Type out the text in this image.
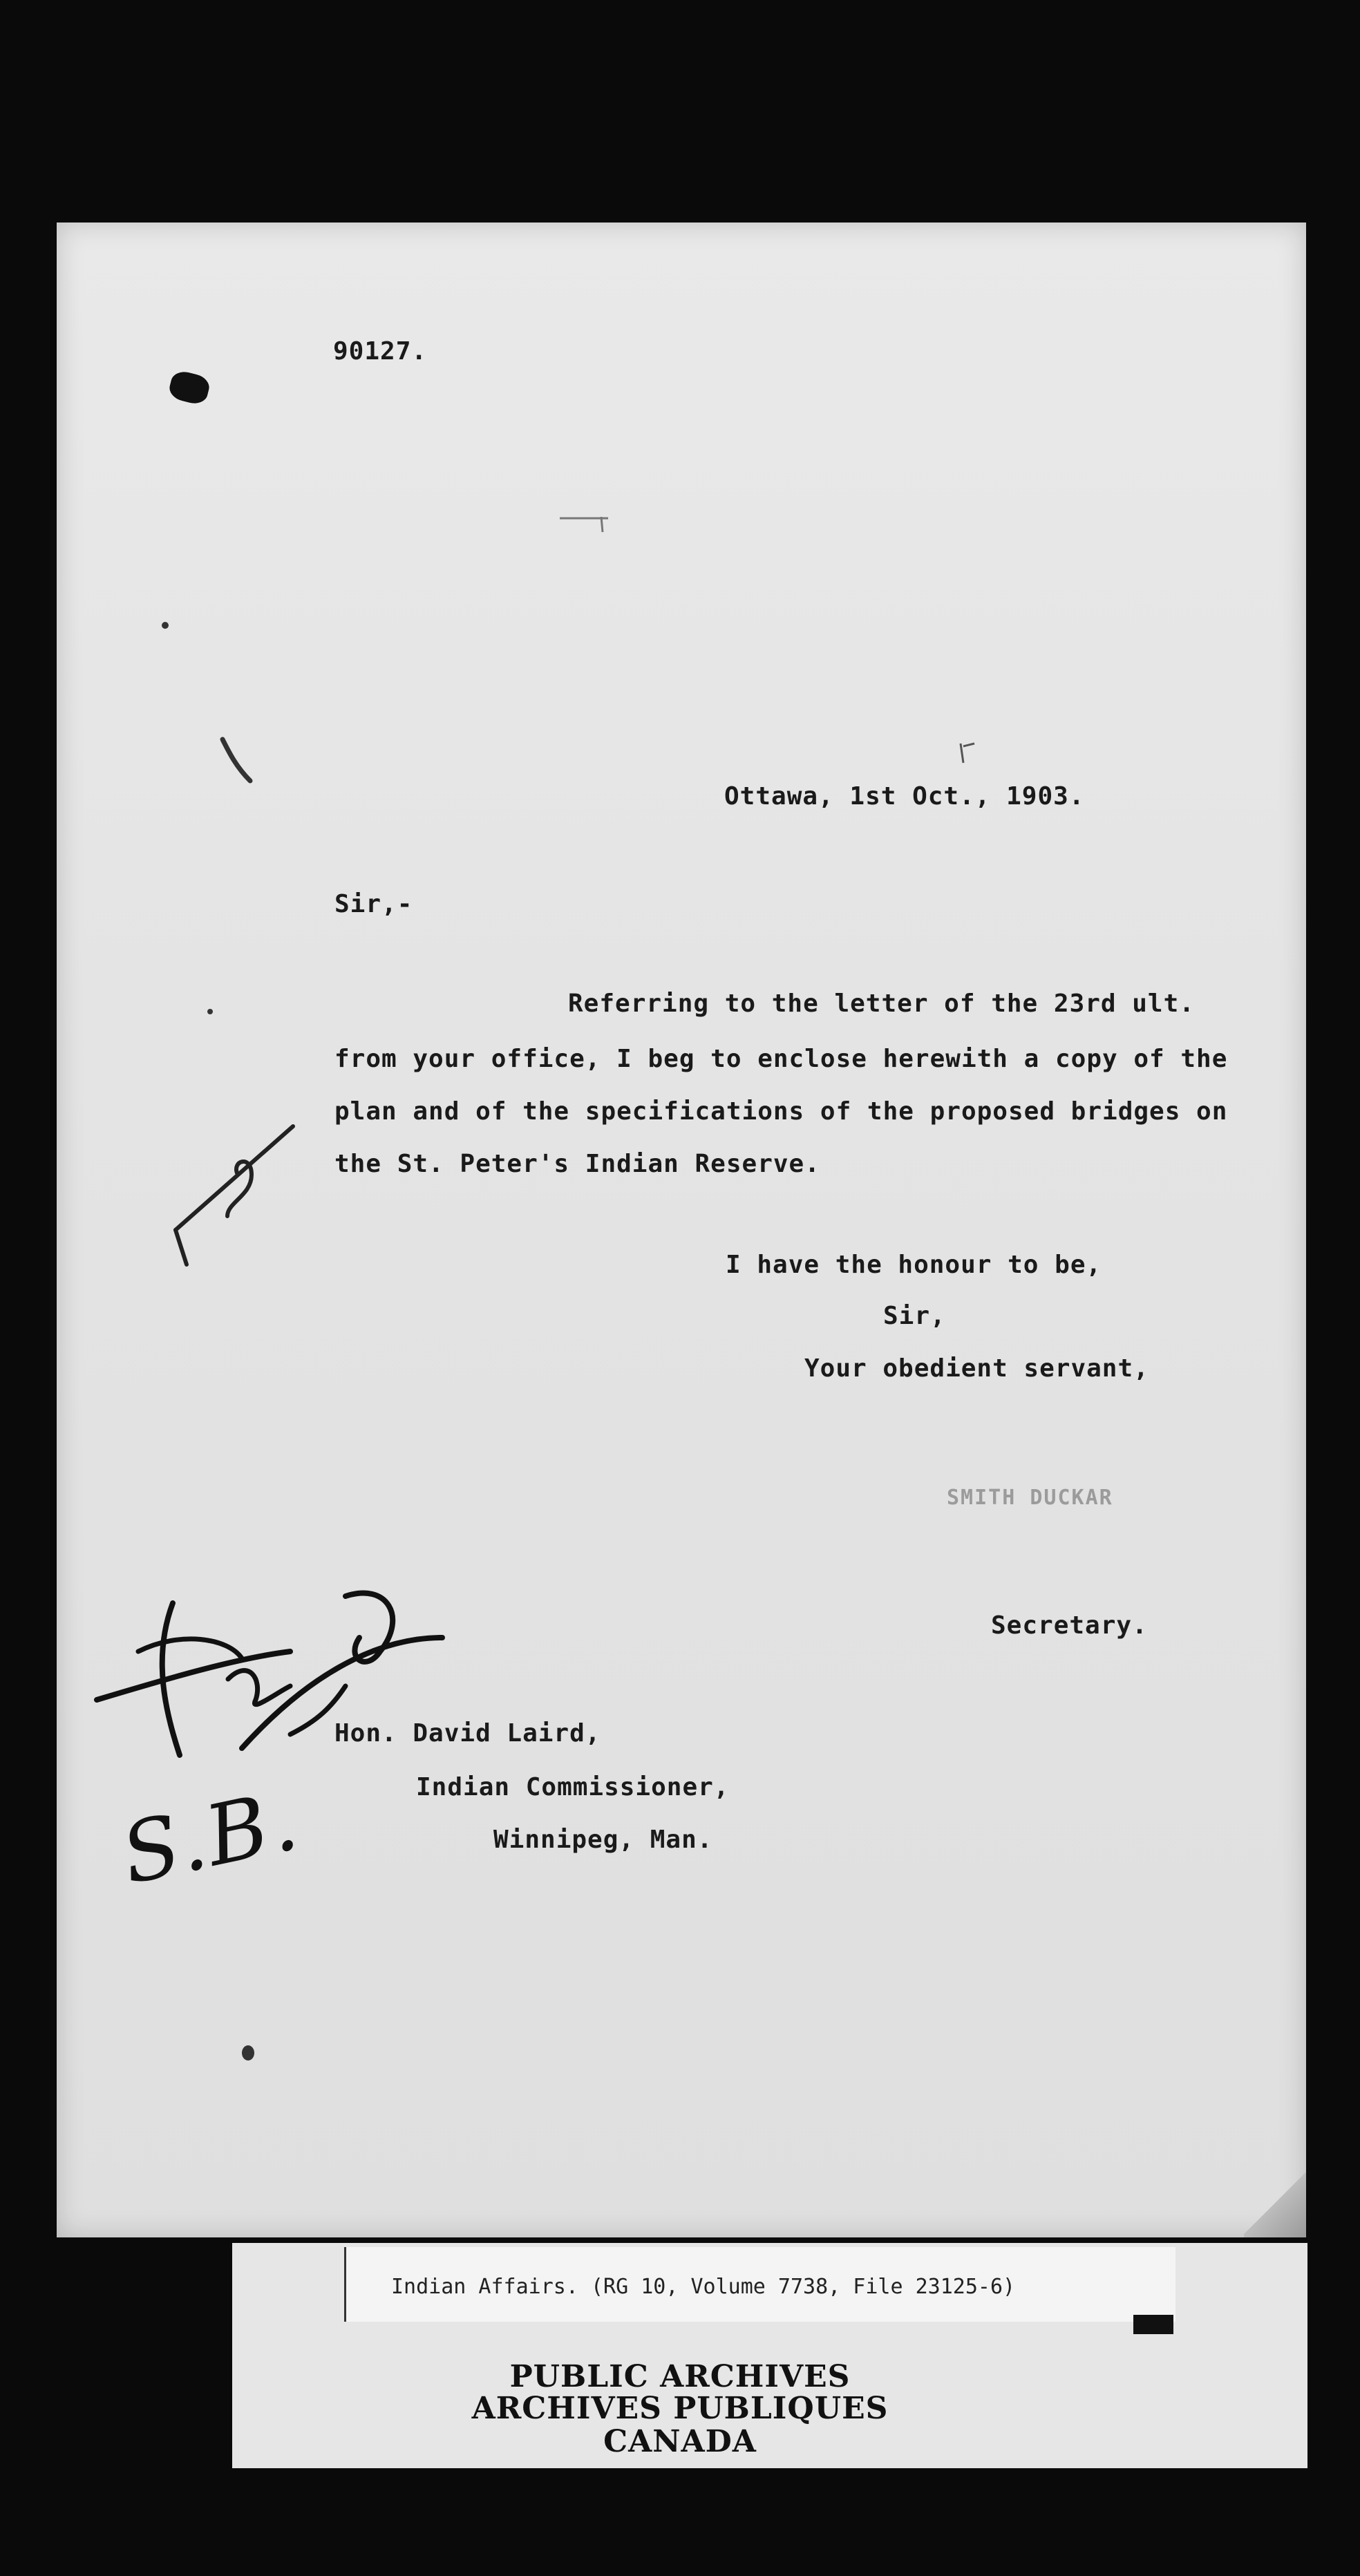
90127.
Ottawa, 1st Oct., 1903.
Sir,-
Referring to the letter of the 23rd ult.
from your office, I beg to enclose herewith a copy of the
plan and of the specifications of the proposed bridges on
the St. Peter's Indian Reserve.
I have the honour to be,
Sir,
Your obedient servant,
SMITH DUCKAR
Secretary.
Hon. David Laird,
Indian Commissioner,
Winnipeg, Man.
S.B.
Indian Affairs. (RG 10, Volume 7738, File 23125-6)
PUBLIC ARCHIVES
ARCHIVES PUBLIQUES
CANADA
